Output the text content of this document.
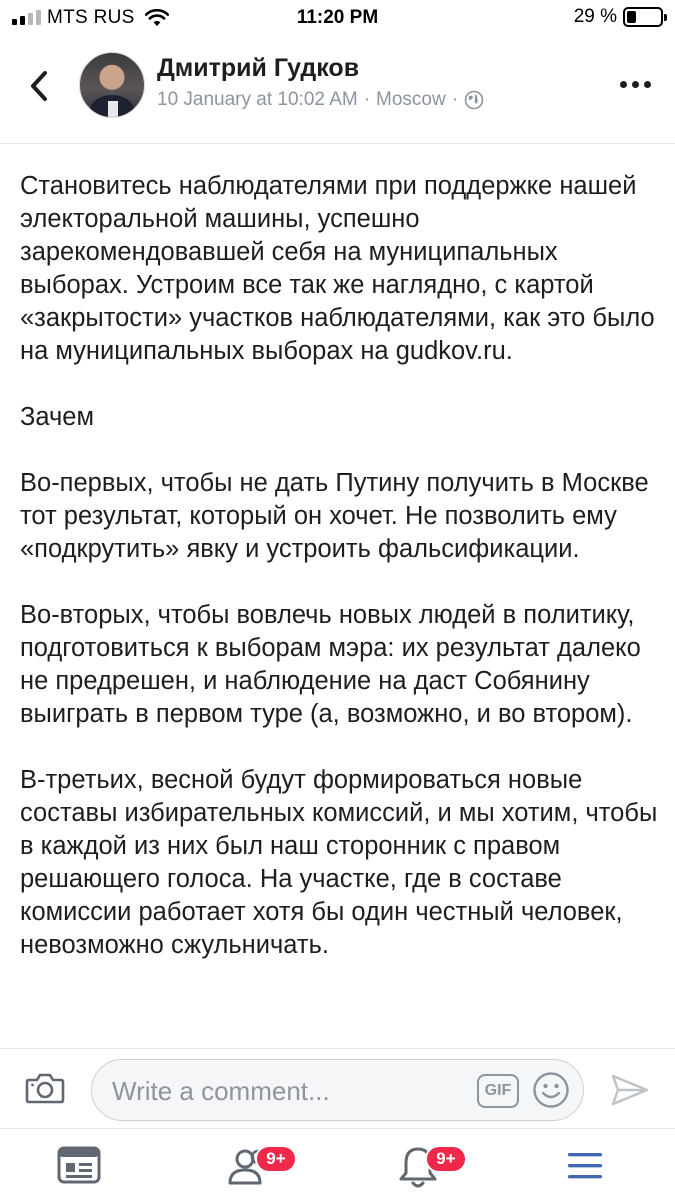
MTS RUS	11:20 PM	29 %
Дмитрий Гудков
10 January at 10:02 AM · Moscow ·

Становитесь наблюдателями при поддержке нашей электоральной машины, успешно зарекомендовавшей себя на муниципальных выборах. Устроим все так же наглядно, с картой «закрытости» участков наблюдателями, как это было на муниципальных выборах на gudkov.ru.

Зачем

Во-первых, чтобы не дать Путину получить в Москве тот результат, который он хочет. Не позволить ему «подкрутить» явку и устроить фальсификации.

Во-вторых, чтобы вовлечь новых людей в политику, подготовиться к выборам мэра: их результат далеко не предрешен, и наблюдение на даст Собянину выиграть в первом туре (а, возможно, и во втором).

В-третьих, весной будут формироваться новые составы избирательных комиссий, и мы хотим, чтобы в каждой из них был наш сторонник с правом решающего голоса. На участке, где в составе комиссии работает хотя бы один честный человек, невозможно сжульничать.

Write a comment...	GIF
9+	9+
